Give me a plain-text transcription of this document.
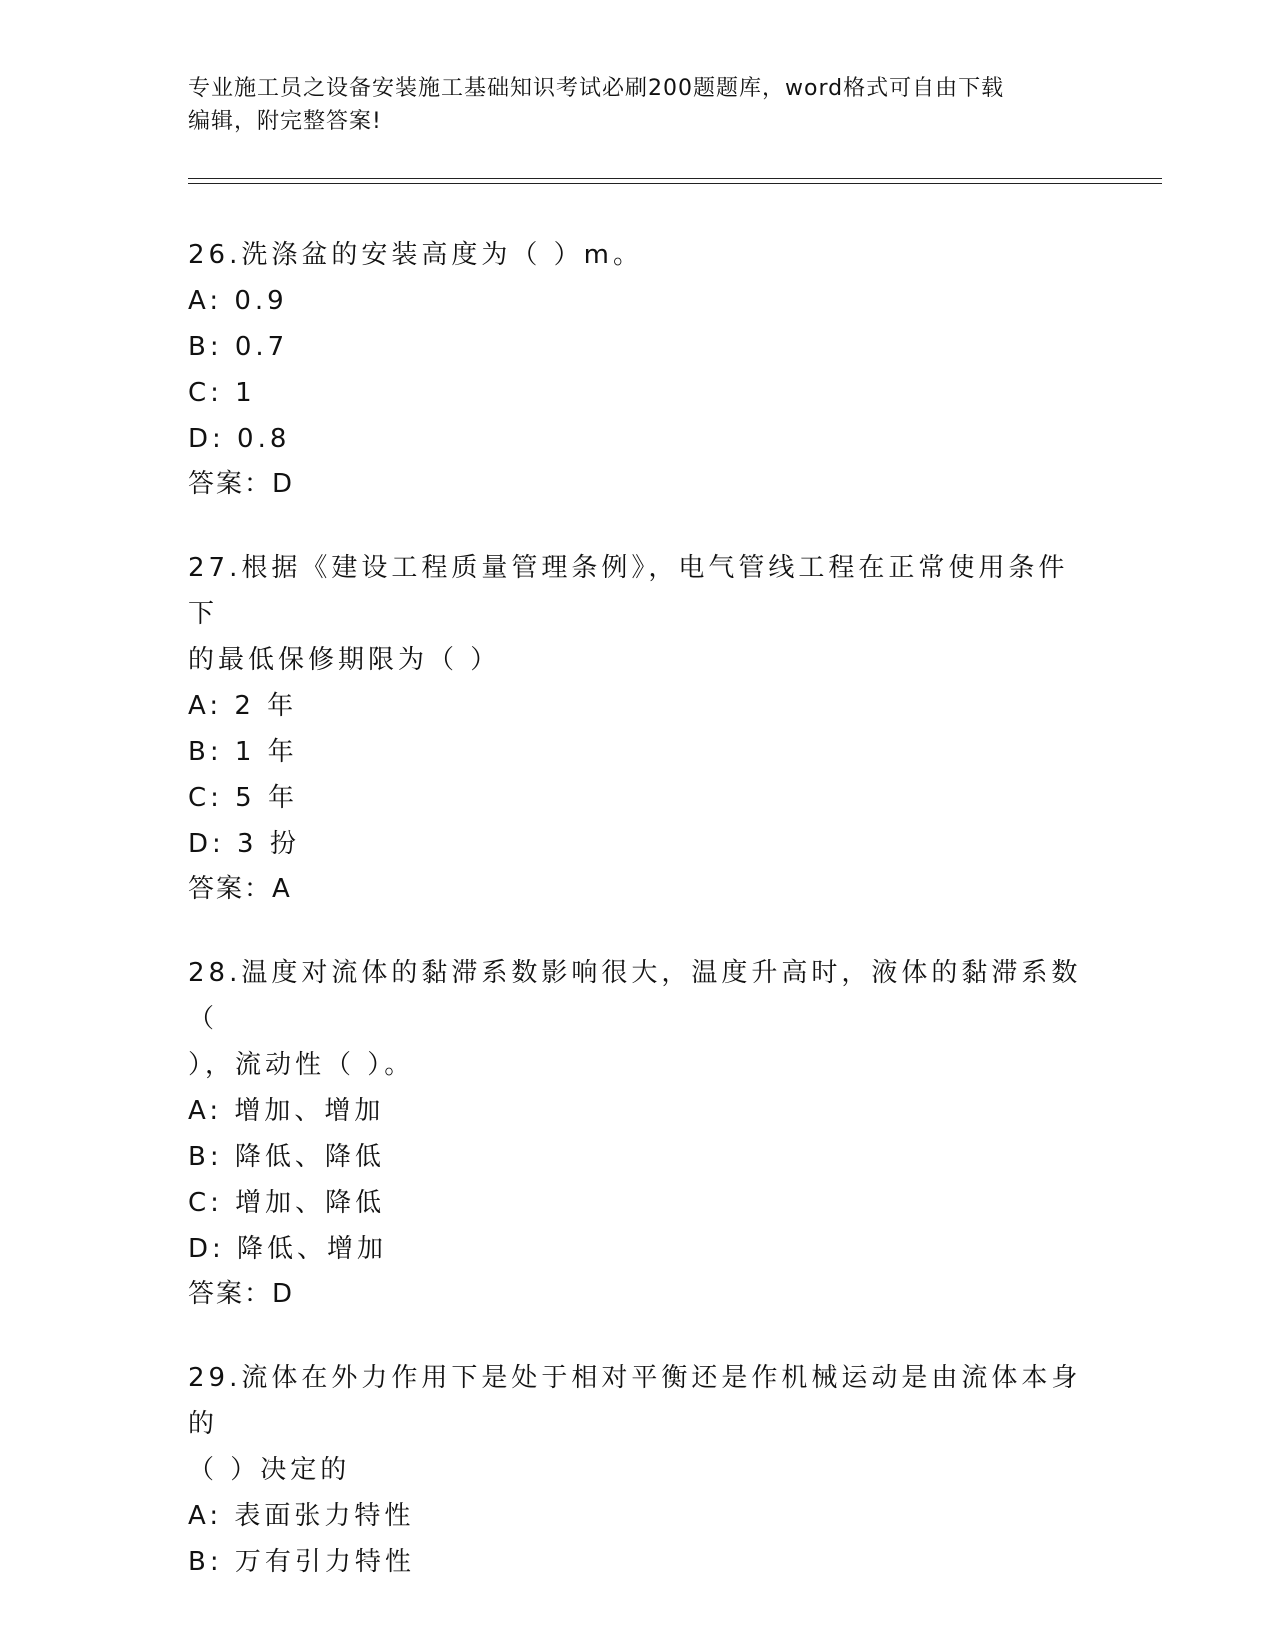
专业施工员之设备安装施工基础知识考试必刷200题题库，word格式可自由下载
编辑，附完整答案!
26.洗涤盆的安装高度为（ ）m。
A: 0.9
B: 0.7
C: 1
D: 0.8
答案：D
27.根据《建设工程质量管理条例》，电气管线工程在正常使用条件下
的最低保修期限为（ ）
A: 2 年
B: 1 年
C: 5 年
D: 3 扮
答案：A
28.温度对流体的黏滞系数影响很大，温度升高时，液体的黏滞系数（
），流动性（ ）。
A: 增加、增加
B: 降低、降低
C: 增加、降低
D: 降低、增加
答案：D
29.流体在外力作用下是处于相对平衡还是作机械运动是由流体本身的
（ ）决定的
A: 表面张力特性
B: 万有引力特性
